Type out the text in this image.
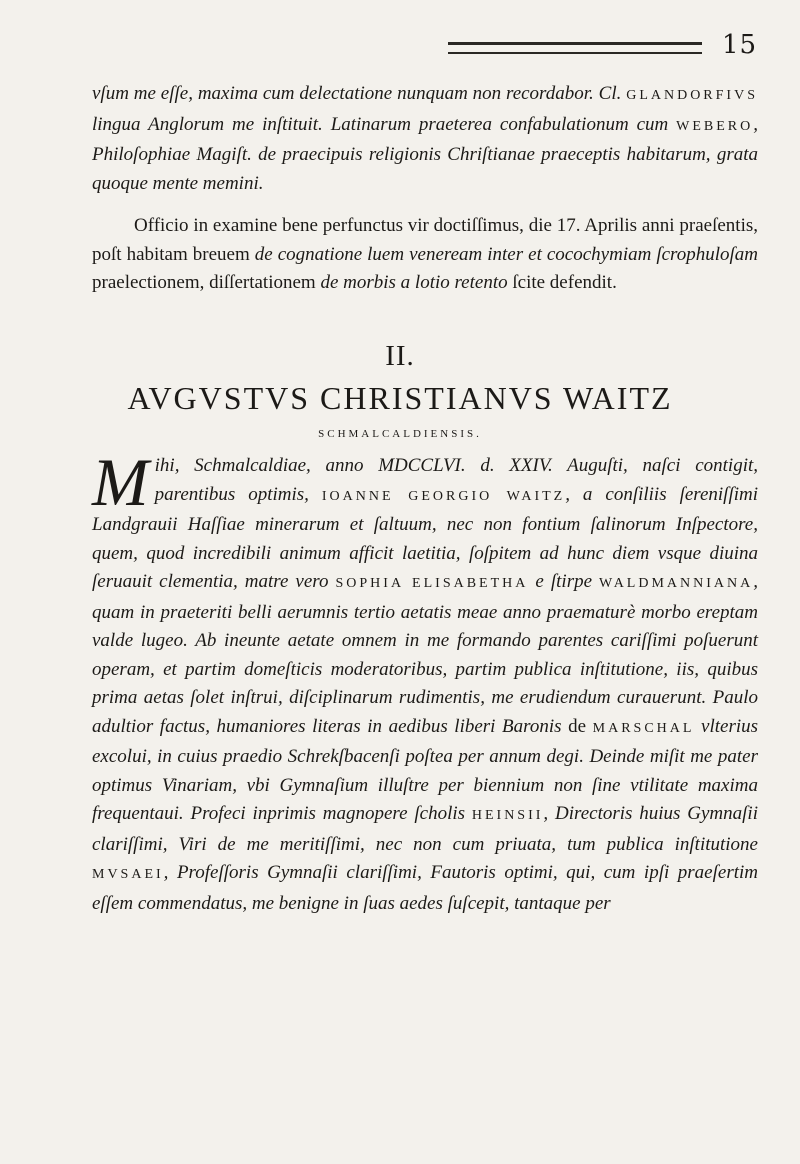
15
vſum me eſſe, maxima cum delectatione nunquam non recordabor. Cl. GLANDORFIVS lingua Anglorum me inſtituit. Latinarum praeterea confabulationum cum WEBERO, Philoſophiae Magiſt. de praecipuis religionis Chriſtianae praeceptis habitarum, grata quoque mente memini.
Officio in examine bene perfunctus vir doctiſſimus, die 17. Aprilis anni praeſentis, poſt habitam breuem de cognatione luem veneream inter et cocochymiam ſcrophuloſam praelectionem, diſſertationem de morbis a lotio retento ſcite defendit.
II.
AVGVSTVS CHRISTIANVS WAITZ
SCHMALCALDIENSIS.
Mihi, Schmalcaldiae, anno MDCCLVI. d. XXIV. Auguſti, naſci contigit, parentibus optimis, IOANNE GEORGIO WAITZ, a conſiliis ſereniſſimi Landgrauii Haſſiae minerarum et ſaltuum, nec non fontium ſalinorum Inſpectore, quem, quod incredibili animum afficit laetitia, ſoſpitem ad hunc diem vsque diuina ſeruauit clementia, matre vero SOPHIA ELISABETHA e ſtirpe WALDMANNIANA, quam in praeteriti belli aerumnis tertio aetatis meae anno praematurè morbo ereptam valde lugeo. Ab ineunte aetate omnem in me formando parentes cariſſimi poſuerunt operam, et partim domeſticis moderatoribus, partim publica inſtitutione, iis, quibus prima aetas ſolet inſtrui, diſciplinarum rudimentis, me erudiendum curauerunt. Paulo adultior factus, humaniores literas in aedibus liberi Baronis de MARSCHAL vlterius excolui, in cuius praedio Schrekſbacenſi poſtea per annum degi. Deinde miſit me pater optimus Vinariam, vbi Gymnaſium illuſtre per biennium non ſine vtilitate maxima frequentaui. Profeci inprimis magnopere ſcholis HEINSII, Directoris huius Gymnaſii clariſſimi, Viri de me meritiſſimi, nec non cum priuata, tum publica inſtitutione MVSAEI, Profeſſoris Gymnaſii clariſſimi, Fautoris optimi, qui, cum ipſi praeſertim eſſem commendatus, me benigne in ſuas aedes ſuſcepit, tantaque per
